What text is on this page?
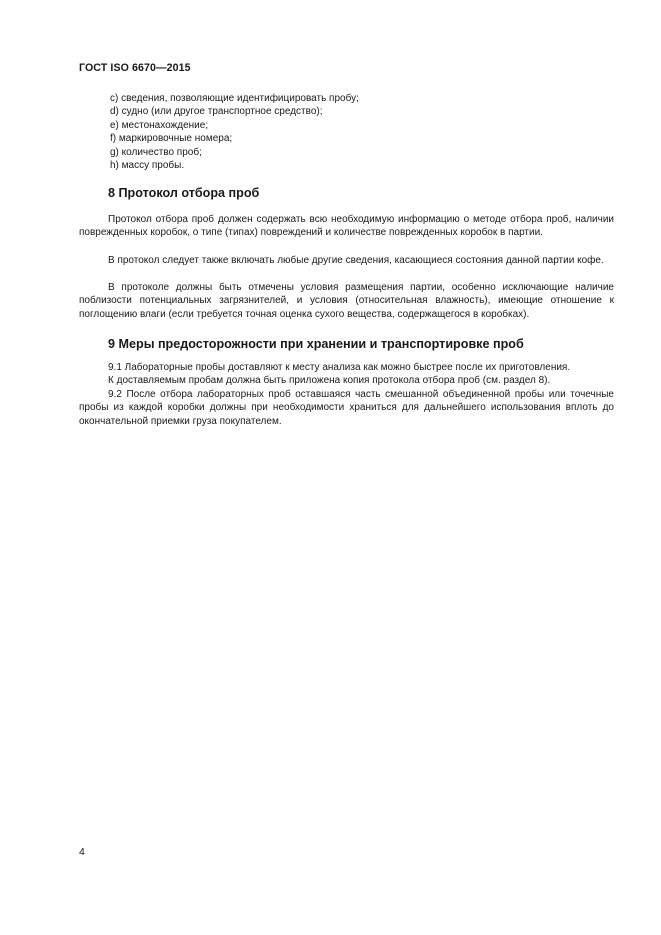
ГОСТ ISO 6670—2015
c) сведения, позволяющие идентифицировать пробу;
d) судно (или другое транспортное средство);
e) местонахождение;
f) маркировочные номера;
g) количество проб;
h) массу пробы.
8 Протокол отбора проб

Протокол отбора проб должен содержать всю необходимую информацию о методе отбора проб, наличии поврежденных коробок, о типе (типах) повреждений и количестве поврежденных коробок в партии.

В протокол следует также включать любые другие сведения, касающиеся состояния данной партии кофе.

В протоколе должны быть отмечены условия размещения партии, особенно исключающие наличие поблизости потенциальных загрязнителей, и условия (относительная влажность), имеющие отношение к поглощению влаги (если требуется точная оценка сухого вещества, содержащегося в коробках).

9 Меры предосторожности при хранении и транспортировке проб

9.1 Лабораторные пробы доставляют к месту анализа как можно быстрее после их приготовления.

К доставляемым пробам должна быть приложена копия протокола отбора проб (см. раздел 8).

9.2 После отбора лабораторных проб оставшаяся часть смешанной объединенной пробы или точечные пробы из каждой коробки должны при необходимости храниться для дальнейшего использования вплоть до окончательной приемки груза покупателем.

4
